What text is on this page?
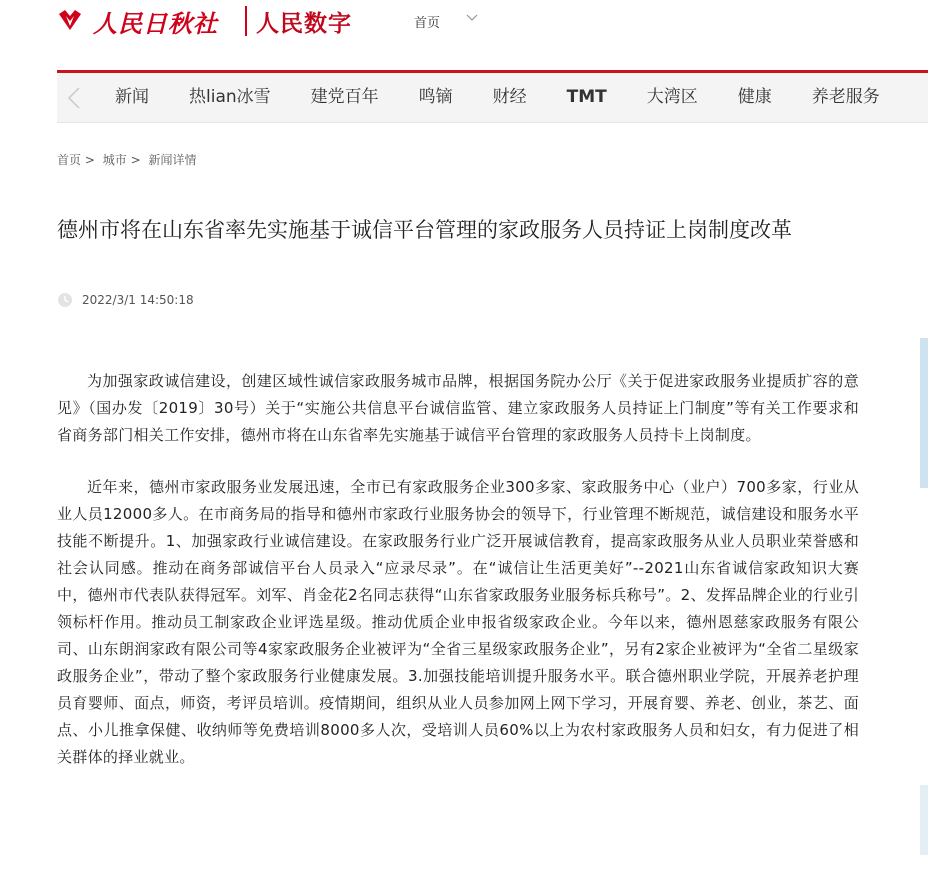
人民日秋社 人民数字	首页
新闻 热lian冰雪 建党百年 鸣镝 财经 TMT 大湾区 健康 养老服务
首页 > 城市 > 新闻详情
德州市将在山东省率先实施基于诚信平台管理的家政服务人员持证上岗制度改革
2022/3/1 14:50:18

为加强家政诚信建设，创建区域性诚信家政服务城市品牌，根据国务院办公厅《关于促进家政服务业提质扩容的意见》（国办发〔2019〕30号）关于“实施公共信息平台诚信监管、建立家政服务人员持证上门制度”等有关工作要求和省商务部门相关工作安排，德州市将在山东省率先实施基于诚信平台管理的家政服务人员持卡上岗制度。

近年来，德州市家政服务业发展迅速，全市已有家政服务企业300多家、家政服务中心（业户）700多家，行业从业人员12000多人。在市商务局的指导和德州市家政行业服务协会的领导下，行业管理不断规范，诚信建设和服务水平技能不断提升。1、加强家政行业诚信建设。在家政服务行业广泛开展诚信教育，提高家政服务从业人员职业荣誉感和社会认同感。推动在商务部诚信平台人员录入“应录尽录”。在“诚信让生活更美好”--2021山东省诚信家政知识大赛中，德州市代表队获得冠军。刘军、肖金花2名同志获得“山东省家政服务业服务标兵称号”。2、发挥品牌企业的行业引领标杆作用。推动员工制家政企业评选星级。推动优质企业申报省级家政企业。今年以来，德州恩慈家政服务有限公司、山东朗润家政有限公司等4家家政服务企业被评为“全省三星级家政服务企业”，另有2家企业被评为“全省二星级家政服务企业”，带动了整个家政服务行业健康发展。3.加强技能培训提升服务水平。联合德州职业学院，开展养老护理员育婴师、面点，师资，考评员培训。疫情期间，组织从业人员参加网上网下学习，开展育婴、养老、创业，茶艺、面点、小儿推拿保健、收纳师等免费培训8000多人次，受培训人员60%以上为农村家政服务人员和妇女，有力促进了相关群体的择业就业。
